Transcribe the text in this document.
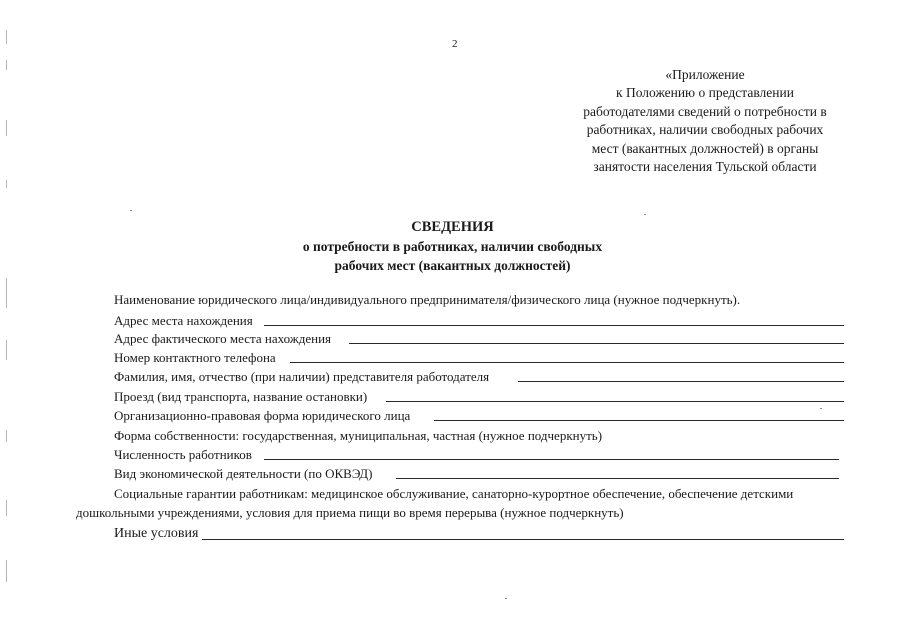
2
«Приложение
к Положению о представлении
работодателями сведений о потребности в
работниках, наличии свободных рабочих
мест (вакантных должностей) в органы
занятости населения Тульской области
СВЕДЕНИЯ
о потребности в работниках, наличии свободных
рабочих мест (вакантных должностей)
Наименование юридического лица/индивидуального предпринимателя/физического лица (нужное подчеркнуть).
Адрес места нахождения
Адрес фактического места нахождения
Номер контактного телефона
Фамилия, имя, отчество (при наличии) представителя работодателя
Проезд (вид транспорта, название остановки)
Организационно-правовая форма юридического лица
Форма собственности: государственная, муниципальная, частная (нужное подчеркнуть)
Численность работников
Вид экономической деятельности (по ОКВЭД)
Социальные гарантии работникам: медицинское обслуживание, санаторно-курортное обеспечение, обеспечение детскими
дошкольными учреждениями, условия для приема пищи во время перерыва (нужное подчеркнуть)
Иные условия
